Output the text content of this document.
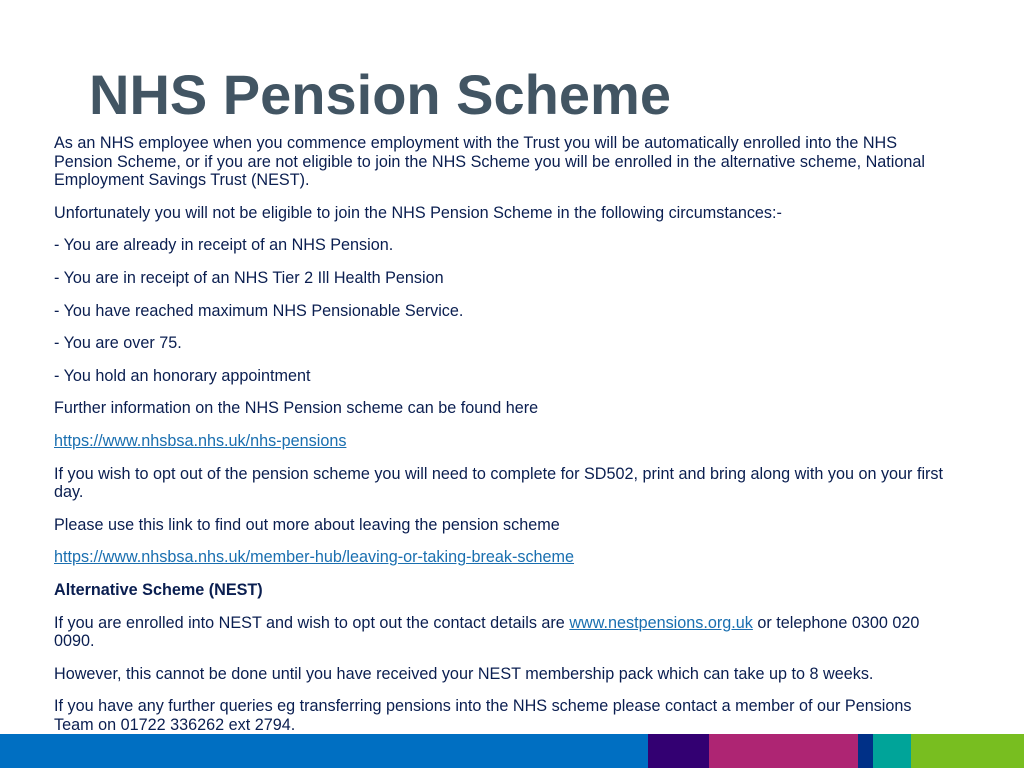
NHS Pension Scheme

As an NHS employee when you commence employment with the Trust you will be automatically enrolled into the NHS Pension Scheme, or if you are not eligible to join the NHS Scheme you will be enrolled in the alternative scheme, National Employment Savings Trust (NEST).

Unfortunately you will not be eligible to join the NHS Pension Scheme in the following circumstances:-

- You are already in receipt of an NHS Pension.

- You are in receipt of an NHS Tier 2 Ill Health Pension

- You have reached maximum NHS Pensionable Service.

- You are over 75.

- You hold an honorary appointment

Further information on the NHS Pension scheme can be found here

https://www.nhsbsa.nhs.uk/nhs-pensions

If you wish to opt out of the pension scheme you will need to complete for SD502, print and bring along with you on your first day.

Please use this link to find out more about leaving the pension scheme

https://www.nhsbsa.nhs.uk/member-hub/leaving-or-taking-break-scheme

Alternative Scheme (NEST)

If you are enrolled into NEST and wish to opt out the contact details are www.nestpensions.org.uk or telephone 0300 020 0090.

However, this cannot be done until you have received your NEST membership pack which can take up to 8 weeks.

If you have any further queries eg transferring pensions into the NHS scheme please contact a member of our Pensions Team on 01722 336262 ext 2794.
